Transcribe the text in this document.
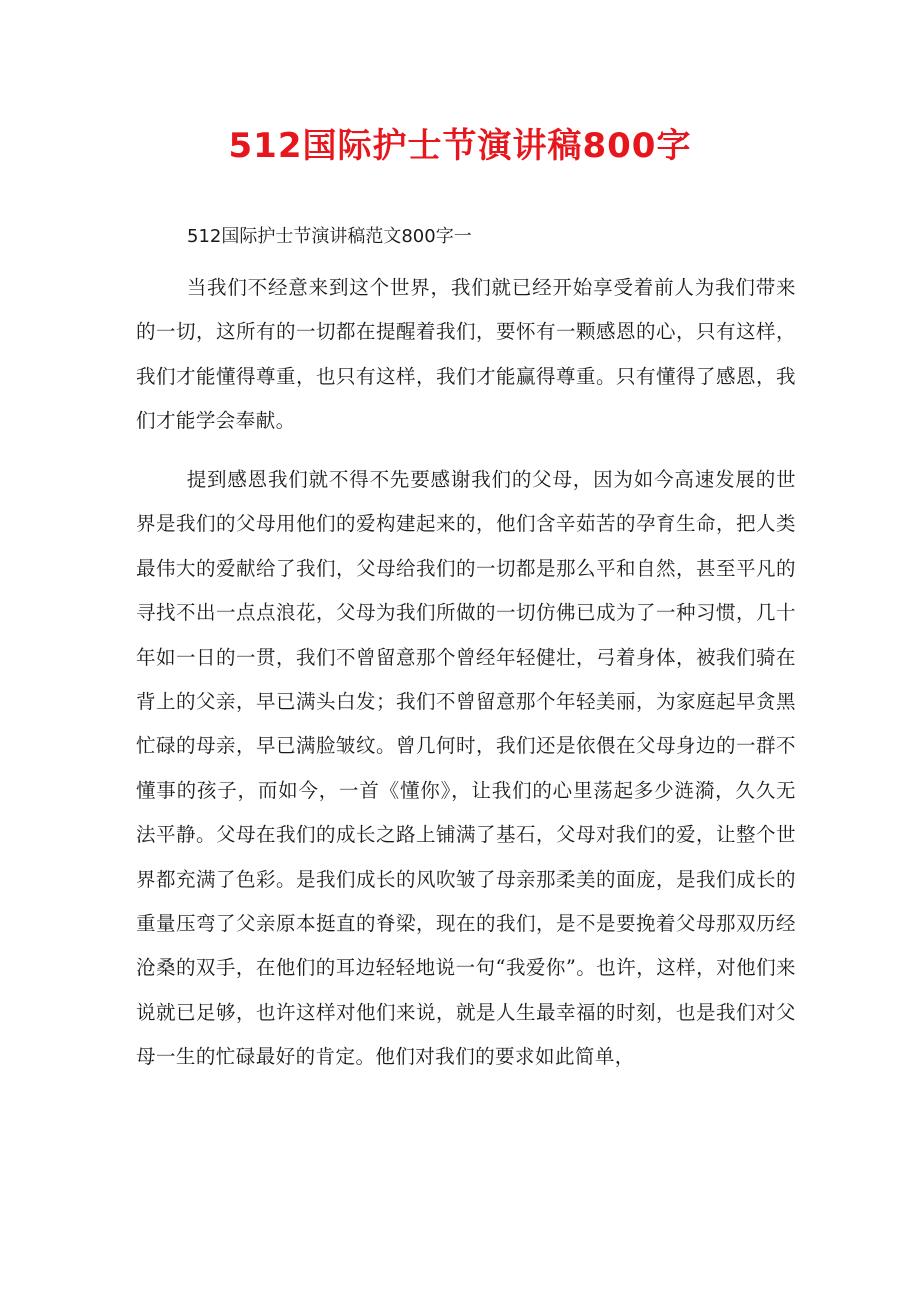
512国际护士节演讲稿800字

512国际护士节演讲稿范文800字一

当我们不经意来到这个世界，我们就已经开始享受着前人为我们带来的一切，这所有的一切都在提醒着我们，要怀有一颗感恩的心，只有这样，我们才能懂得尊重，也只有这样，我们才能赢得尊重。只有懂得了感恩，我们才能学会奉献。

提到感恩我们就不得不先要感谢我们的父母，因为如今高速发展的世界是我们的父母用他们的爱构建起来的，他们含辛茹苦的孕育生命，把人类最伟大的爱献给了我们，父母给我们的一切都是那么平和自然，甚至平凡的寻找不出一点点浪花，父母为我们所做的一切仿佛已成为了一种习惯，几十年如一日的一贯，我们不曾留意那个曾经年轻健壮，弓着身体，被我们骑在背上的父亲，早已满头白发；我们不曾留意那个年轻美丽，为家庭起早贪黑忙碌的母亲，早已满脸皱纹。曾几何时，我们还是依偎在父母身边的一群不懂事的孩子，而如今，一首《懂你》，让我们的心里荡起多少涟漪，久久无法平静。父母在我们的成长之路上铺满了基石，父母对我们的爱，让整个世界都充满了色彩。是我们成长的风吹皱了母亲那柔美的面庞，是我们成长的重量压弯了父亲原本挺直的脊梁，现在的我们，是不是要挽着父母那双历经沧桑的双手，在他们的耳边轻轻地说一句“我爱你”。也许，这样，对他们来说就已足够，也许这样对他们来说，就是人生最幸福的时刻，也是我们对父母一生的忙碌最好的肯定。他们对我们的要求如此简单，
